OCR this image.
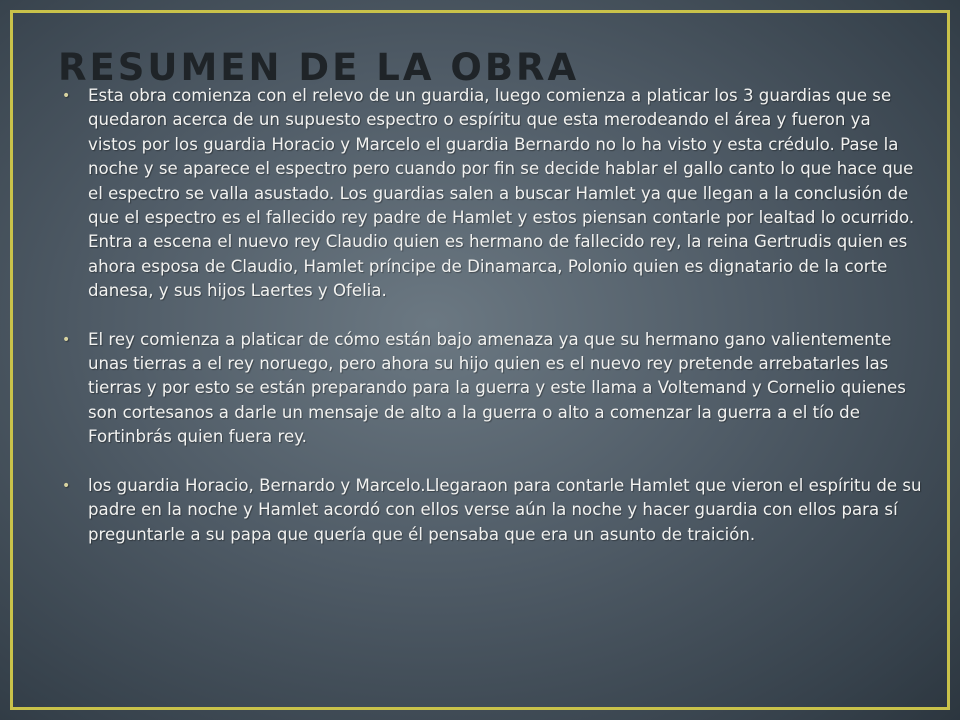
RESUMEN DE LA OBRA
• Esta obra comienza con el relevo de un guardia, luego comienza a platicar los 3 guardias que se quedaron acerca de un supuesto espectro o espíritu que esta merodeando el área y fueron ya vistos por los guardia Horacio y Marcelo el guardia Bernardo no lo ha visto y esta crédulo. Pase la noche y se aparece el espectro pero cuando por fin se decide hablar el gallo canto lo que hace que el espectro se valla asustado. Los guardias salen a buscar Hamlet ya que llegan a la conclusión de que el espectro es el fallecido rey padre de Hamlet y estos piensan contarle por lealtad lo ocurrido. Entra a escena el nuevo rey Claudio quien es hermano de fallecido rey, la reina Gertrudis quien es ahora esposa de Claudio, Hamlet príncipe de Dinamarca, Polonio quien es dignatario de la corte danesa, y sus hijos Laertes y Ofelia.
• El rey comienza a platicar de cómo están bajo amenaza ya que su hermano gano valientemente unas tierras a el rey noruego, pero ahora su hijo quien es el nuevo rey pretende arrebatarles las tierras y por esto se están preparando para la guerra y este llama a Voltemand y Cornelio quienes son cortesanos a darle un mensaje de alto a la guerra o alto a comenzar la guerra a el tío de Fortinbrás quien fuera rey.
• los guardia Horacio, Bernardo y Marcelo.Llegaraon para contarle Hamlet que vieron el espíritu de su padre en la noche y Hamlet acordó con ellos verse aún la noche y hacer guardia con ellos para sí preguntarle a su papa que quería que él pensaba que era un asunto de traición.
